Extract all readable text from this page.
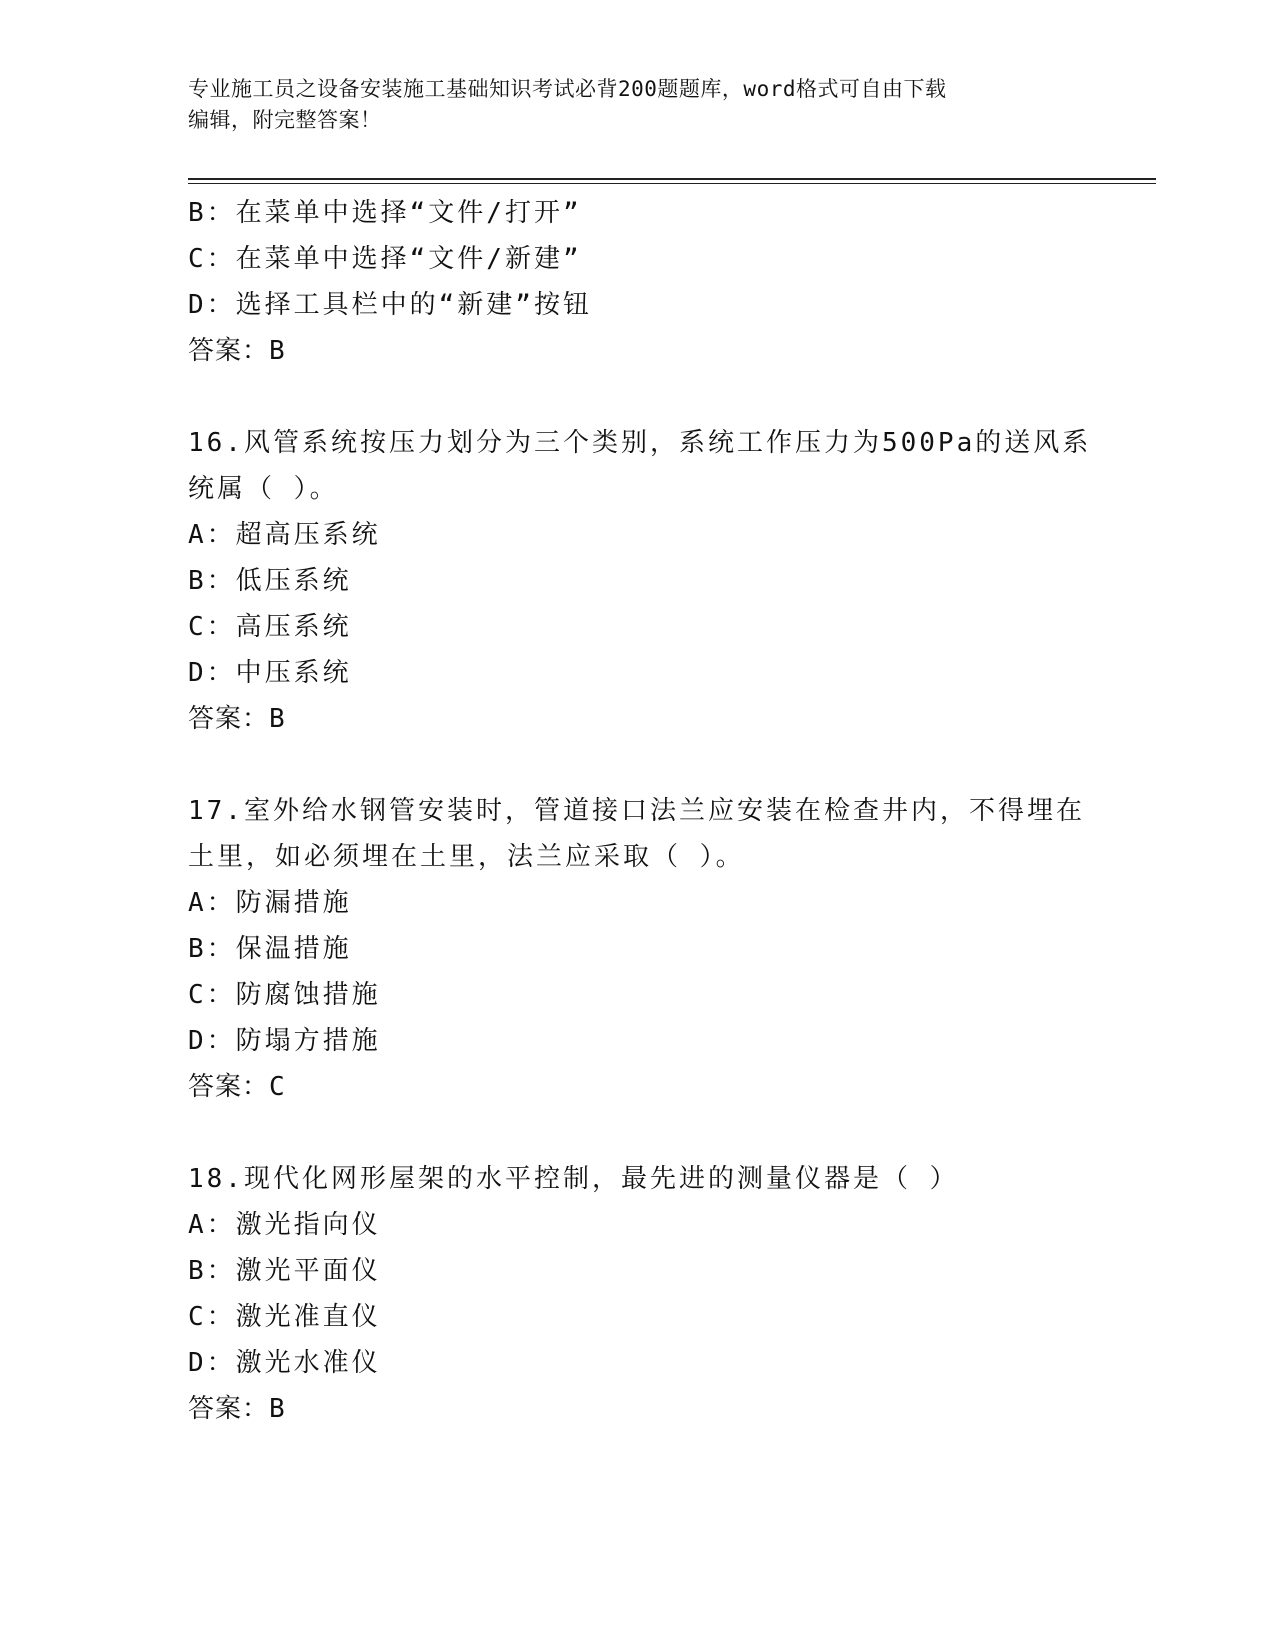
专业施工员之设备安装施工基础知识考试必背200题题库，word格式可自由下载
编辑，附完整答案！
B：在菜单中选择“文件/打开”
C：在菜单中选择“文件/新建”
D：选择工具栏中的“新建”按钮
答案：B
16.风管系统按压力划分为三个类别，系统工作压力为500Pa的送风系
统属（ ）。
A：超高压系统
B：低压系统
C：高压系统
D：中压系统
答案：B
17.室外给水钢管安装时，管道接口法兰应安装在检查井内，不得埋在
土里，如必须埋在土里，法兰应采取（ ）。
A：防漏措施
B：保温措施
C：防腐蚀措施
D：防塌方措施
答案：C
18.现代化网形屋架的水平控制，最先进的测量仪器是（ ）
A：激光指向仪
B：激光平面仪
C：激光准直仪
D：激光水准仪
答案：B
